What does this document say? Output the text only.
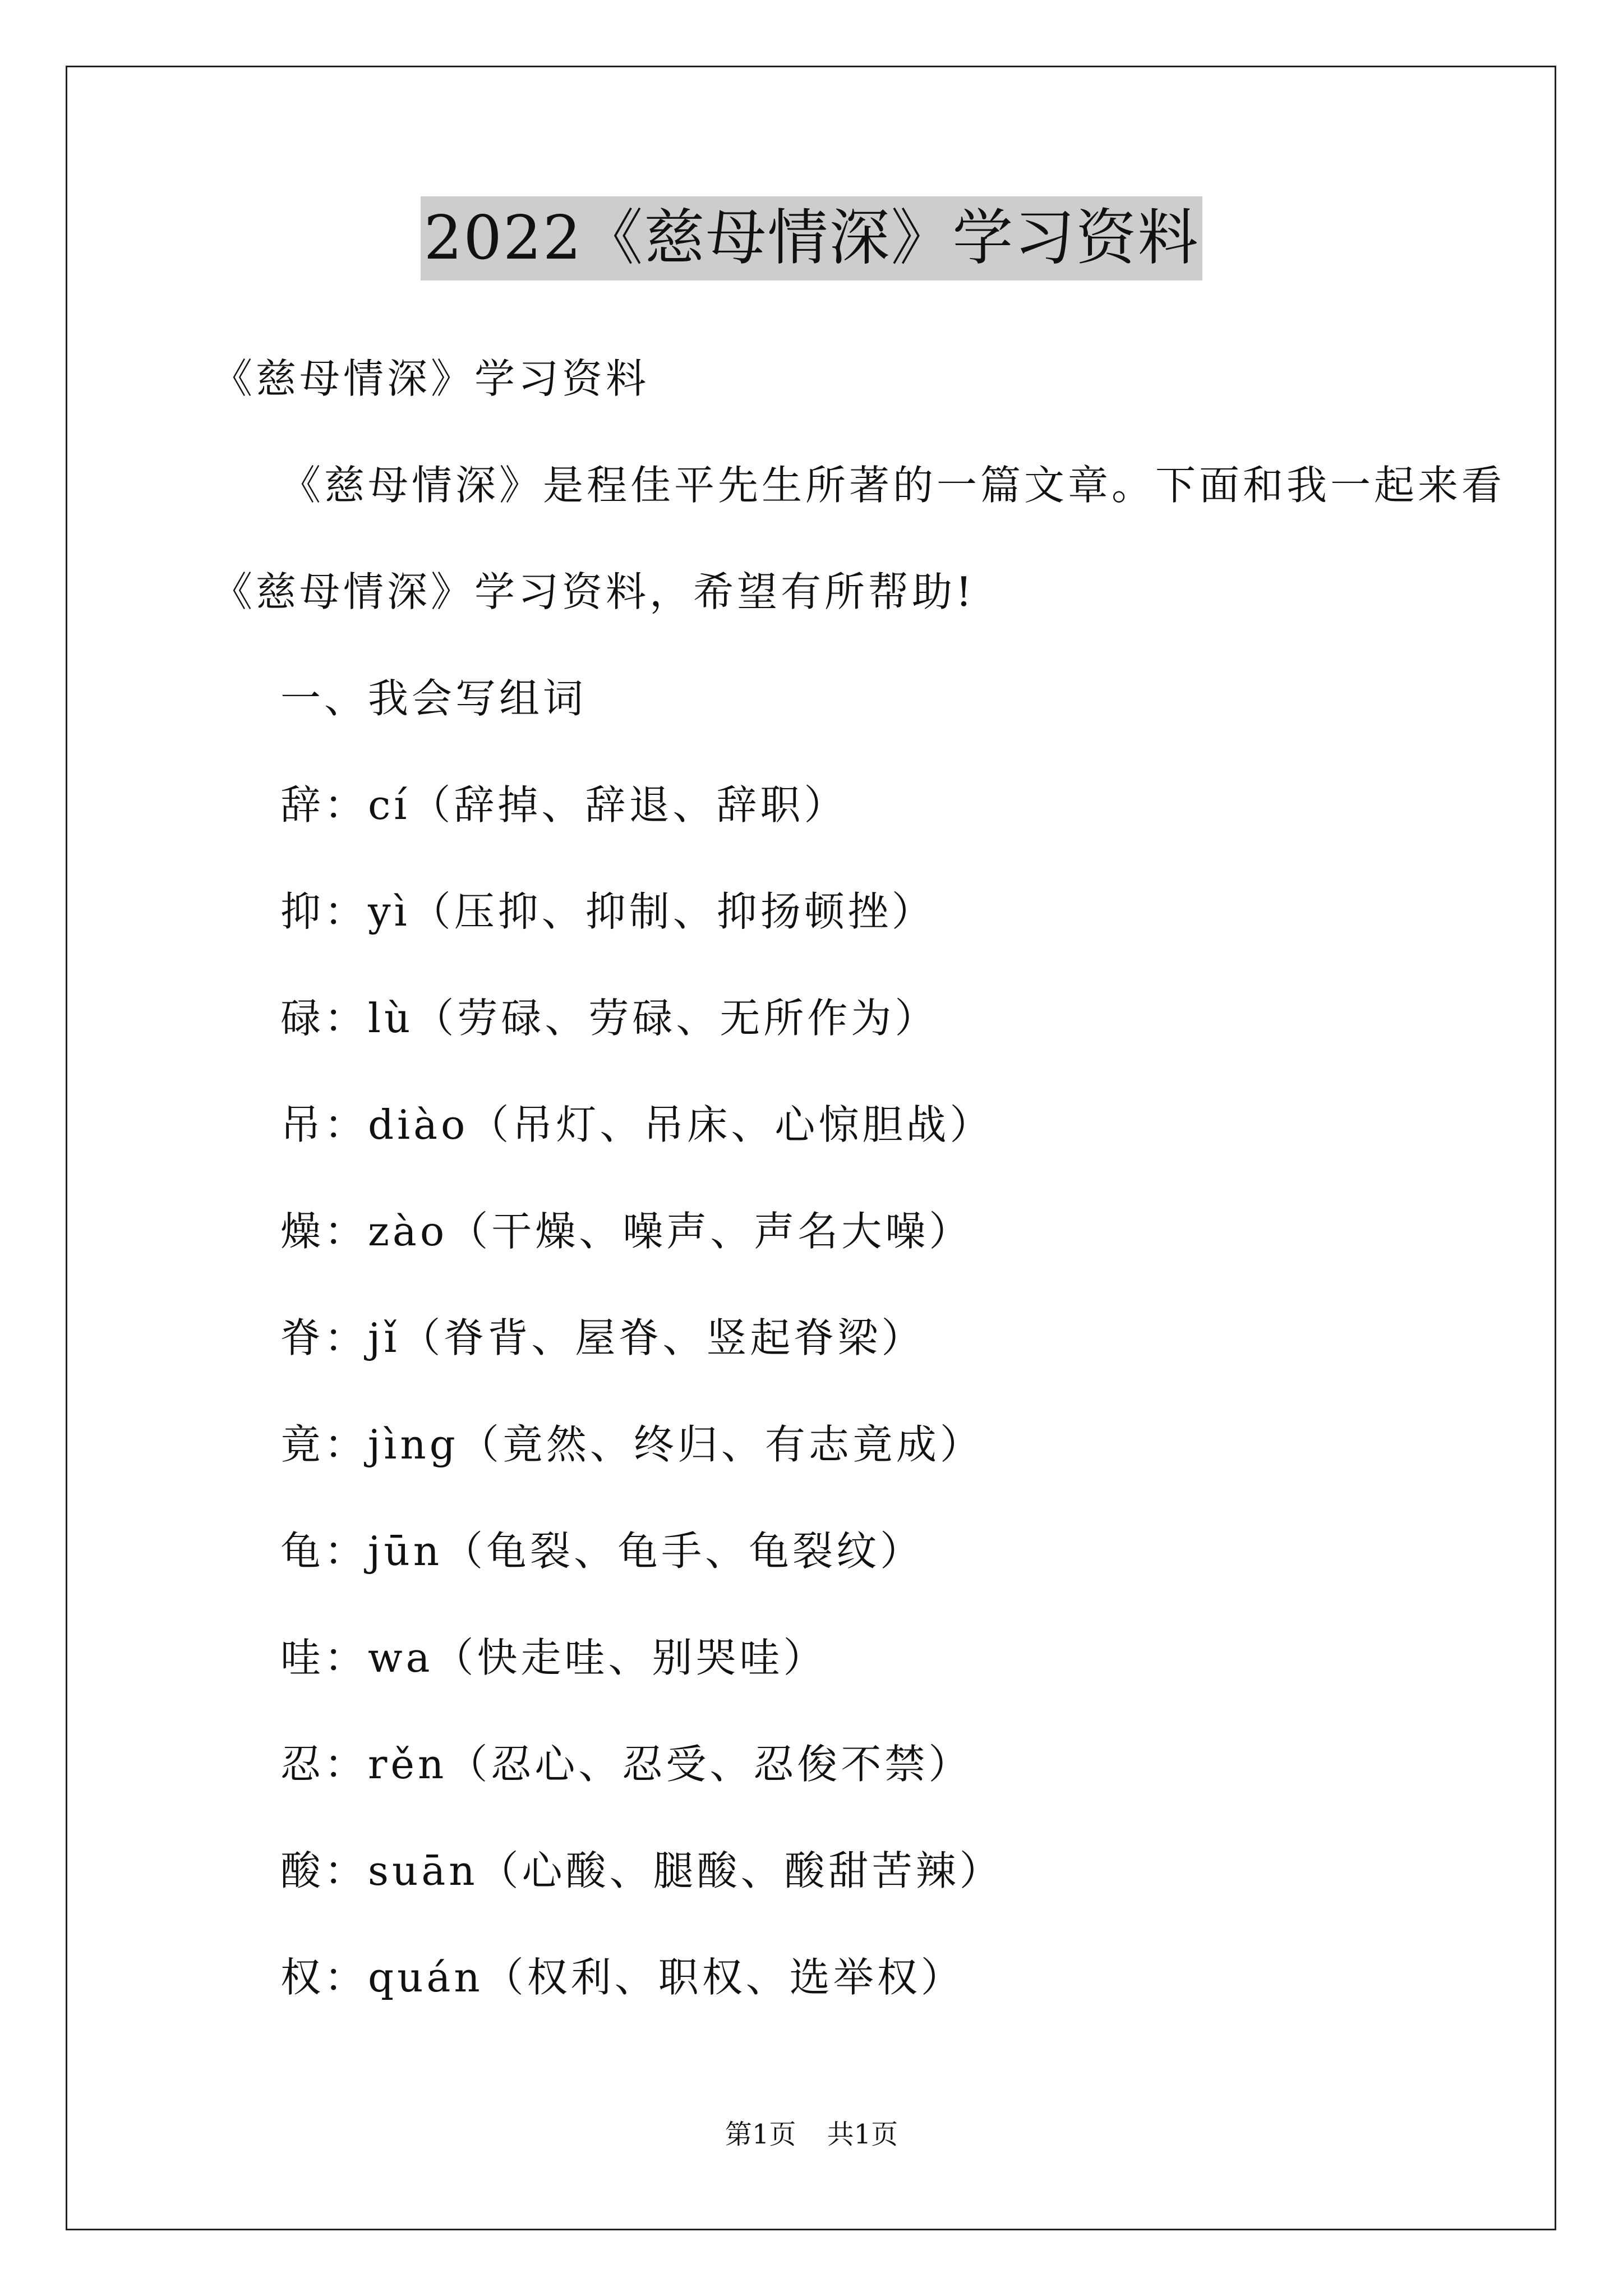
2022《慈母情深》学习资料
《慈母情深》学习资料
《慈母情深》是程佳平先生所著的一篇文章。下面和我一起来看
《慈母情深》学习资料，希望有所帮助!
一、我会写组词
辞：cí（辞掉、辞退、辞职）
抑：yì（压抑、抑制、抑扬顿挫）
碌：lù（劳碌、劳碌、无所作为）
吊：diào（吊灯、吊床、心惊胆战）
燥：zào（干燥、噪声、声名大噪）
脊：jǐ（脊背、屋脊、竖起脊梁）
竟：jìng（竟然、终归、有志竟成）
龟：jūn（龟裂、龟手、龟裂纹）
哇：wa（快走哇、别哭哇）
忍：rěn（忍心、忍受、忍俊不禁）
酸：suān（心酸、腿酸、酸甜苦辣）
权：quán（权利、职权、选举权）
第1页 共1页
